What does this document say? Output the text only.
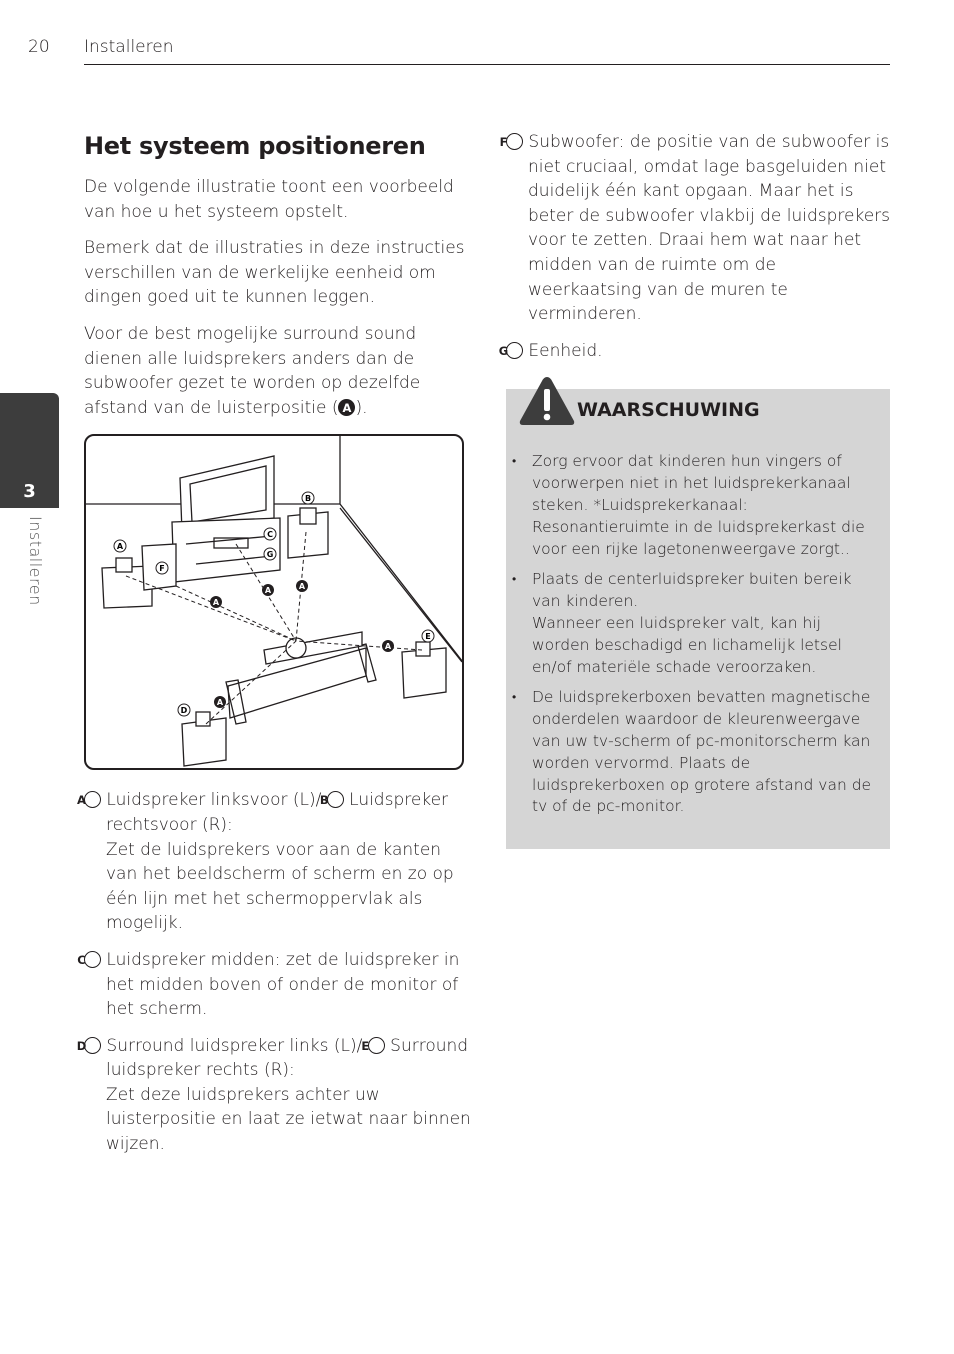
20 Installeren
3
Installeren
Het systeem positioneren

De volgende illustratie toont een voorbeeld van hoe u het systeem opstelt.

Bemerk dat de illustraties in deze instructies verschillen van de werkelijke eenheid om dingen goed uit te kunnen leggen.

Voor de best mogelijke surround sound dienen alle luidsprekers anders dan de subwoofer gezet te worden op dezelfde afstand van de luisterpositie ( A ).

A
B
C
G
F
D
E
A
A	A
A
A
A Luidspreker linksvoor (L)/ B Luidspreker rechtsvoor (R):
Zet de luidsprekers voor aan de kanten van het beeldscherm of scherm en zo op één lijn met het schermoppervlak als mogelijk.
C Luidspreker midden: zet de luidspreker in het midden boven of onder de monitor of het scherm.
D Surround luidspreker links (L)/ E Surround luidspreker rechts (R):
Zet deze luidsprekers achter uw luisterpositie en laat ze ietwat naar binnen wijzen.
F Subwoofer: de positie van de subwoofer is niet cruciaal, omdat lage basgeluiden niet duidelijk één kant opgaan. Maar het is beter de subwoofer vlakbij de luidsprekers voor te zetten. Draai hem wat naar het midden van de ruimte om de weerkaatsing van de muren te verminderen.
G Eenheid.
WAARSCHUWING
• Zorg ervoor dat kinderen hun vingers of voorwerpen niet in het luidsprekerkanaal steken. *Luidsprekerkanaal: Resonantieruimte in de luidsprekerkast die voor een rijke lagetonenweergave zorgt..
• Plaats de centerluidspreker buiten bereik van kinderen.
Wanneer een luidspreker valt, kan hij worden beschadigd en lichamelijk letsel en/of materiële schade veroorzaken.
• De luidsprekerboxen bevatten magnetische onderdelen waardoor de kleurenweergave van uw tv-scherm of pc-monitorscherm kan worden vervormd. Plaats de luidsprekerboxen op grotere afstand van de tv of de pc-monitor.
